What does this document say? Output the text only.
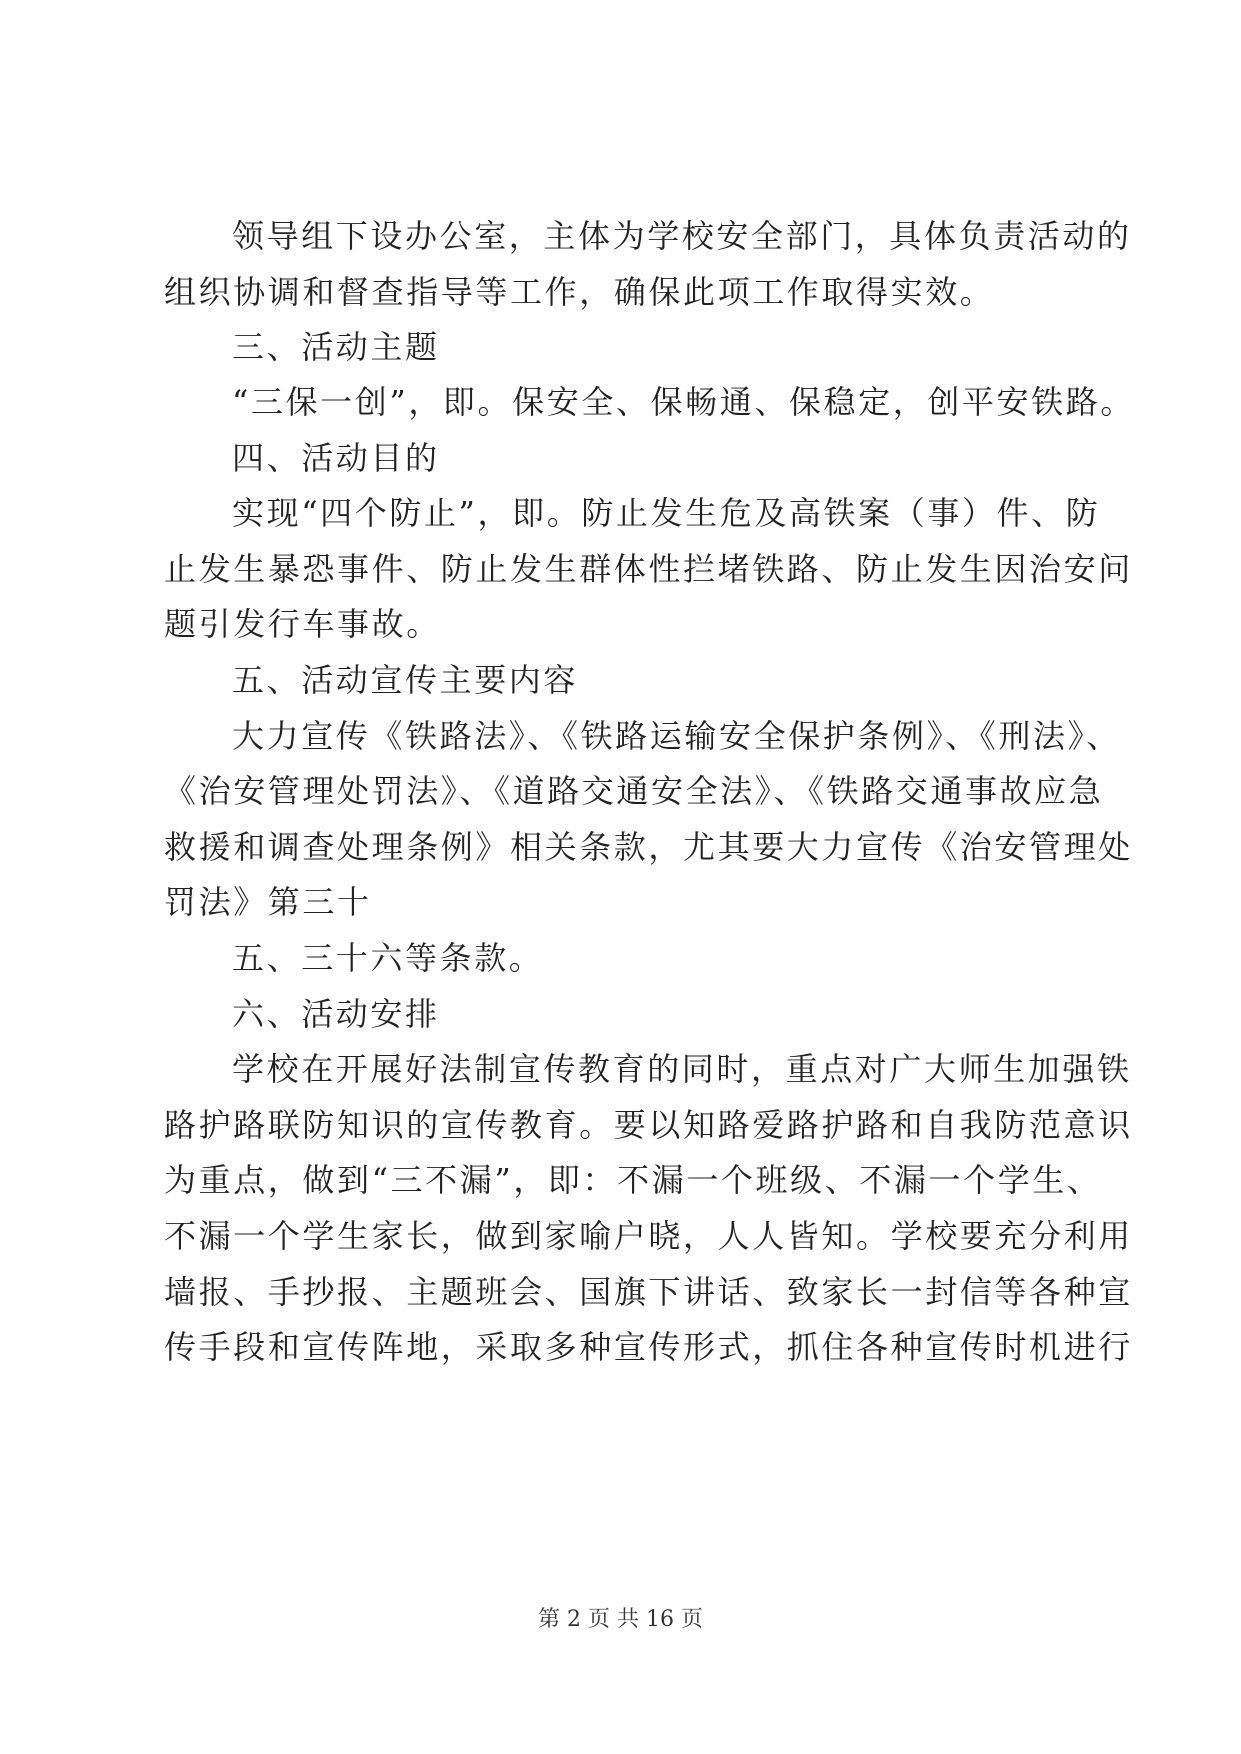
领导组下设办公室，主体为学校安全部门，具体负责活动的
组织协调和督查指导等工作，确保此项工作取得实效。
三、活动主题
“三保一创”，即。保安全、保畅通、保稳定，创平安铁路。
四、活动目的
实现“四个防止”，即。防止发生危及高铁案（事）件、防
止发生暴恐事件、防止发生群体性拦堵铁路、防止发生因治安问
题引发行车事故。
五、活动宣传主要内容
大力宣传《铁路法》、《铁路运输安全保护条例》、《刑法》、
《治安管理处罚法》、《道路交通安全法》、《铁路交通事故应急
救援和调查处理条例》相关条款，尤其要大力宣传《治安管理处
罚法》第三十
五、三十六等条款。
六、活动安排
学校在开展好法制宣传教育的同时，重点对广大师生加强铁
路护路联防知识的宣传教育。要以知路爱路护路和自我防范意识
为重点，做到“三不漏”，即：不漏一个班级、不漏一个学生、
不漏一个学生家长，做到家喻户晓，人人皆知。学校要充分利用
墙报、手抄报、主题班会、国旗下讲话、致家长一封信等各种宣
传手段和宣传阵地，采取多种宣传形式，抓住各种宣传时机进行
第 2 页 共 16 页
